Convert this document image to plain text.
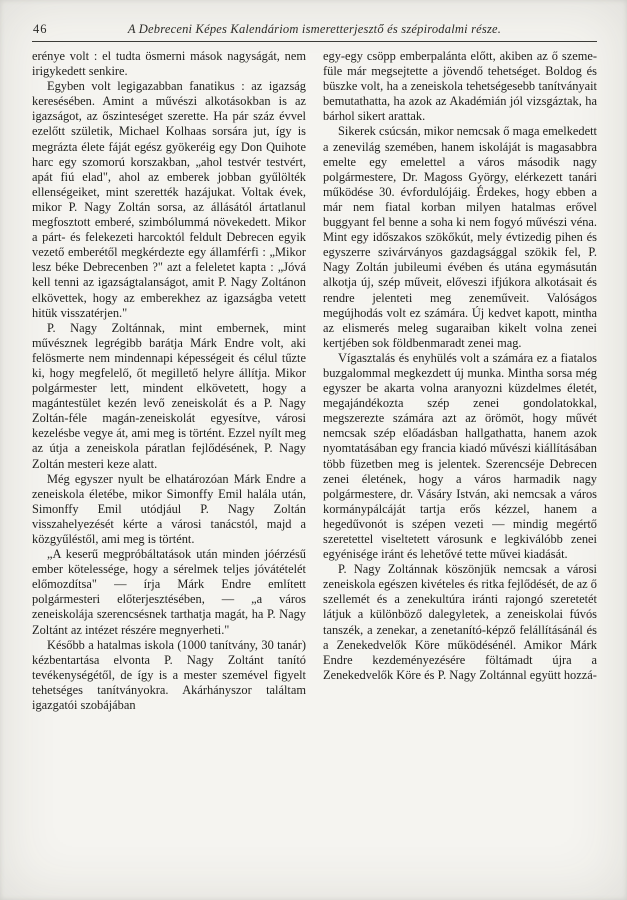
46	A Debreceni Képes Kalendáriom ismeretterjesztő és szépirodalmi része.

erénye volt : el tudta ösmerni mások nagyságát, nem irigykedett senkire.

Egyben volt legigazabban fanatikus : az igazság keresésében. Amint a művészi alkotásokban is az igazságot, az őszinteséget szerette. Ha pár száz évvel ezelőtt születik, Michael Kolhaas sorsára jut, így is megrázta élete fáját egész gyökeréig egy Don Quihote harc egy szomorú korszakban, „ahol testvér testvért, apát fiú elad", ahol az emberek jobban gyűlölték ellenségeiket, mint szerették hazájukat. Voltak évek, mikor P. Nagy Zoltán sorsa, az állásától ártatlanul megfosztott emberé, szimbólummá növekedett. Mikor a párt- és felekezeti harcoktól feldult Debrecen egyik vezető emberétől megkérdezte egy államférfi : „Mikor lesz béke Debrecenben ?" azt a feleletet kapta : „Jóvá kell tenni az igazságtalanságot, amit P. Nagy Zoltánon elkövettek, hogy az emberekhez az igazságba vetett hitük visszatérjen."

P. Nagy Zoltánnak, mint embernek, mint művésznek legrégibb barátja Márk Endre volt, aki felösmerte nem mindennapi képességeit és célul tűzte ki, hogy megfelelő, őt megillető helyre állítja. Mikor polgármester lett, mindent elkövetett, hogy a magántestület kezén levő zeneiskolát és a P. Nagy Zoltán-féle magán-zeneiskolát egyesítve, városi kezelésbe vegye át, ami meg is történt. Ezzel nyílt meg az útja a zeneiskola páratlan fejlődésének, P. Nagy Zoltán mesteri keze alatt.

Még egyszer nyult be elhatározóan Márk Endre a zeneiskola életébe, mikor Simonffy Emil halála után, Simonffy Emil utódjául P. Nagy Zoltán visszahelyezését kérte a városi tanácstól, majd a közgyűléstől, ami meg is történt.

„A keserű megpróbáltatások után minden jóérzésű ember kötelessége, hogy a sérelmek teljes jóvátételét előmozdítsa" — írja Márk Endre említett polgármesteri előterjesztésében, — „a város zeneiskolája szerencsésnek tarthatja magát, ha P. Nagy Zoltánt az intézet részére megnyerheti."

Később a hatalmas iskola (1000 tanítvány, 30 tanár) kézbentartása elvonta P. Nagy Zoltánt tanító tevékenységétől, de így is a mester szemével figyelt tehetséges tanítványokra. Akárhányszor találtam igazgatói szobájában

egy-egy csöpp emberpalánta előtt, akiben az ő szeme-füle már megsejtette a jövendő tehetséget. Boldog és büszke volt, ha a zeneiskola tehetségesebb tanítványait bemutathatta, ha azok az Akadémián jól vizsgáztak, ha bárhol sikert arattak.

Sikerek csúcsán, mikor nemcsak ő maga emelkedett a zenevilág szemében, hanem iskoláját is magasabbra emelte egy emelettel a város második nagy polgármestere, Dr. Magoss György, elérkezett tanári működése 30. évfordulójáig. Érdekes, hogy ebben a már nem fiatal korban milyen hatalmas erővel buggyant fel benne a soha ki nem fogyó művészi véna. Mint egy időszakos szökőkút, mely évtizedig pihen és egyszerre szivárványos gazdagsággal szökik fel, P. Nagy Zoltán jubileumi évében és utána egymásután alkotja új, szép műveit, előveszi ifjúkora alkotásait és rendre jelenteti meg zeneműveit. Valóságos megújhodás volt ez számára. Új kedvet kapott, mintha az elismerés meleg sugaraiban kikelt volna zenei kertjében sok földbenmaradt zenei mag.

Vígasztalás és enyhülés volt a számára ez a fiatalos buzgalommal megkezdett új munka. Mintha sorsa még egyszer be akarta volna aranyozni küzdelmes életét, megajándékozta szép zenei gondolatokkal, megszerezte számára azt az örömöt, hogy művét nemcsak szép előadásban hallgathatta, hanem azok nyomtatásában egy francia kiadó művészi kiállításában több füzetben meg is jelentek. Szerencséje Debrecen zenei életének, hogy a város harmadik nagy polgármestere, dr. Vásáry István, aki nemcsak a város kormánypálcáját tartja erős kézzel, hanem a hegedűvonót is szépen vezeti — mindig megértő szeretettel viseltetett városunk e legkiválóbb zenei egyénisége iránt és lehetővé tette művei kiadását.

P. Nagy Zoltánnak köszönjük nemcsak a városi zeneiskola egészen kivételes és ritka fejlődését, de az ő szellemét és a zenekultúra iránti rajongó szeretetét látjuk a különböző dalegyletek, a zeneiskolai fúvós tanszék, a zenekar, a zenetanító-képző felállításánál és a Zenekedvelők Köre működésénél. Amikor Márk Endre kezdeményezésére föltámadt újra a Zenekedvelők Köre és P. Nagy Zoltánnal együtt hozzá-
